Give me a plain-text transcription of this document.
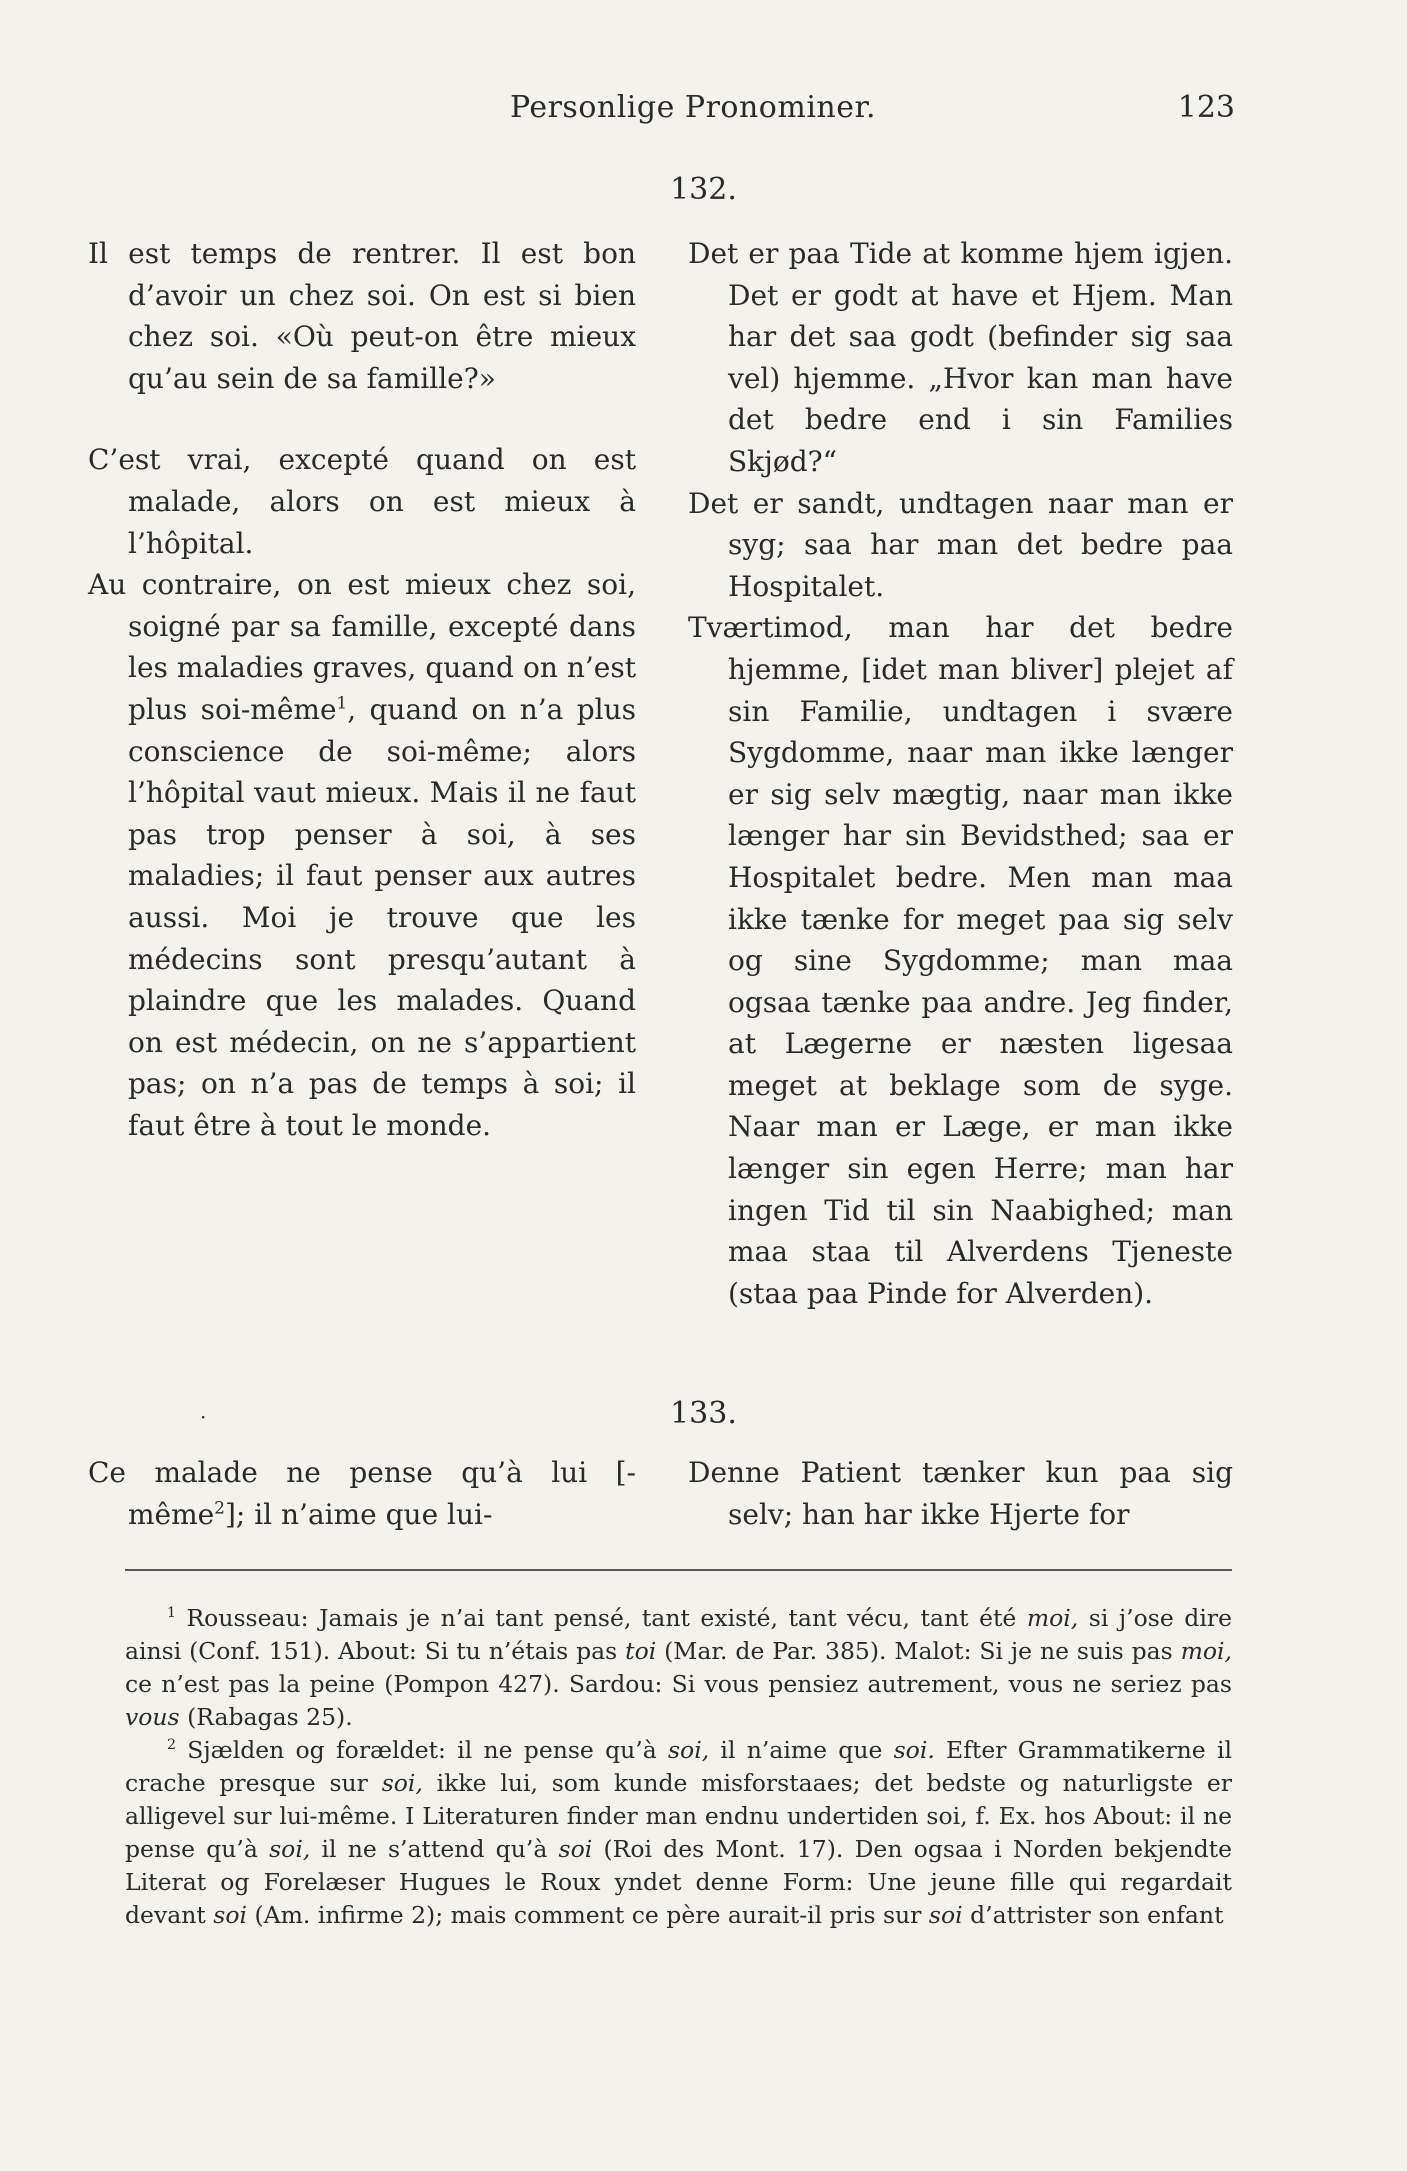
Personlige Pronominer.	123
132.

Il est temps de rentrer. Il est bon d’avoir un chez soi. On est si bien chez soi. «Où peut-on être mieux qu’au sein de sa famille?»

C’est vrai, excepté quand on est malade, alors on est mieux à l’hôpital.

Au contraire, on est mieux chez soi, soigné par sa famille, excepté dans les maladies graves, quand on n’est plus soi-même$^1$, quand on n’a plus conscience de soi-même; alors l’hôpital vaut mieux. Mais il ne faut pas trop penser à soi, à ses maladies; il faut penser aux autres aussi. Moi je trouve que les médecins sont presqu’autant à plaindre que les malades. Quand on est médecin, on ne s’appartient pas; on n’a pas de temps à soi; il faut être à tout le monde.

Det er paa Tide at komme hjem igjen. Det er godt at have et Hjem. Man har det saa godt (befinder sig saa vel) hjemme. „Hvor kan man have det bedre end i sin Families Skjød?“

Det er sandt, undtagen naar man er syg; saa har man det bedre paa Hospitalet.

Tværtimod, man har det bedre hjemme, [idet man bliver] plejet af sin Familie, undtagen i svære Sygdomme, naar man ikke længer er sig selv mægtig, naar man ikke længer har sin Bevidsthed; saa er Hospitalet bedre. Men man maa ikke tænke for meget paa sig selv og sine Sygdomme; man maa ogsaa tænke paa andre. Jeg finder, at Lægerne er næsten ligesaa meget at beklage som de syge. Naar man er Læge, er man ikke længer sin egen Herre; man har ingen Tid til sin Naabighed; man maa staa til Alverdens Tjeneste (staa paa Pinde for Alverden).

·	133.

Ce malade ne pense qu’à lui [-même$^2$]; il n’aime que lui-

Denne Patient tænker kun paa sig selv; han har ikke Hjerte for

$^1$ Rousseau: Jamais je n’ai tant pensé, tant existé, tant vécu, tant été moi, si j’ose dire ainsi (Conf. 151). About: Si tu n’étais pas toi (Mar. de Par. 385). Malot: Si je ne suis pas moi, ce n’est pas la peine (Pompon 427). Sardou: Si vous pensiez autrement, vous ne seriez pas vous (Rabagas 25).

$^2$ Sjælden og forældet: il ne pense qu’à soi, il n’aime que soi. Efter Grammatikerne il crache presque sur soi, ikke lui, som kunde misforstaaes; det bedste og naturligste er alligevel sur lui-même. I Literaturen finder man endnu undertiden soi, f. Ex. hos About: il ne pense qu’à soi, il ne s’attend qu’à soi (Roi des Mont. 17). Den ogsaa i Norden bekjendte Literat og Forelæser Hugues le Roux yndet denne Form: Une jeune fille qui regardait devant soi (Am. infirme 2); mais comment ce père aurait-il pris sur soi d’attrister son enfant
